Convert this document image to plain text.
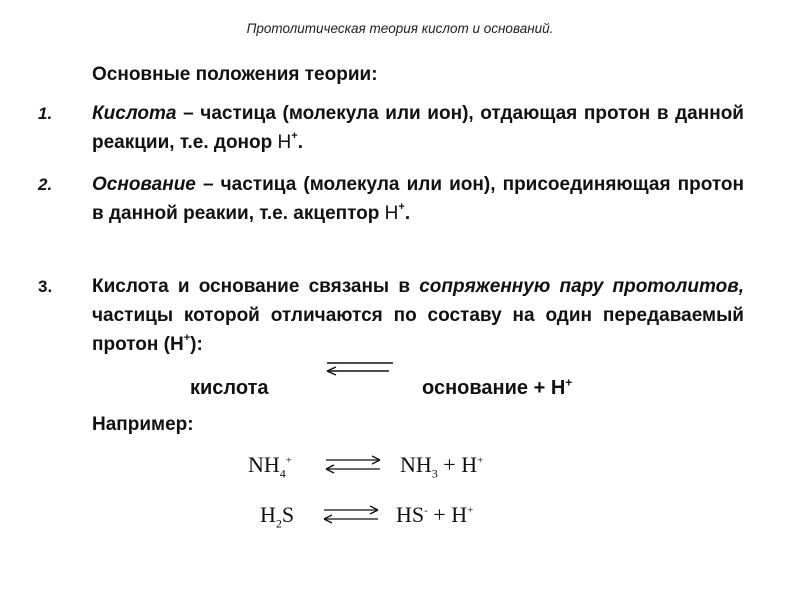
Протолитическая теория кислот и оснований.
Основные положения теории:
1. Кислота – частица (молекула или ион), отдающая протон в данной реакции, т.е. донор Н+.
2. Основание – частица (молекула или ион), присоединяющая протон в данной реакии, т.е. акцептор Н+.
3. Кислота и основание связаны в сопряженную пару протолитов, частицы которой отличаются по составу на один передаваемый протон (Н+):
кислота	основание + Н+
Например:
$NH_4^+$	$NH_3 + H^+$
$H_2S$	HS- + H+
